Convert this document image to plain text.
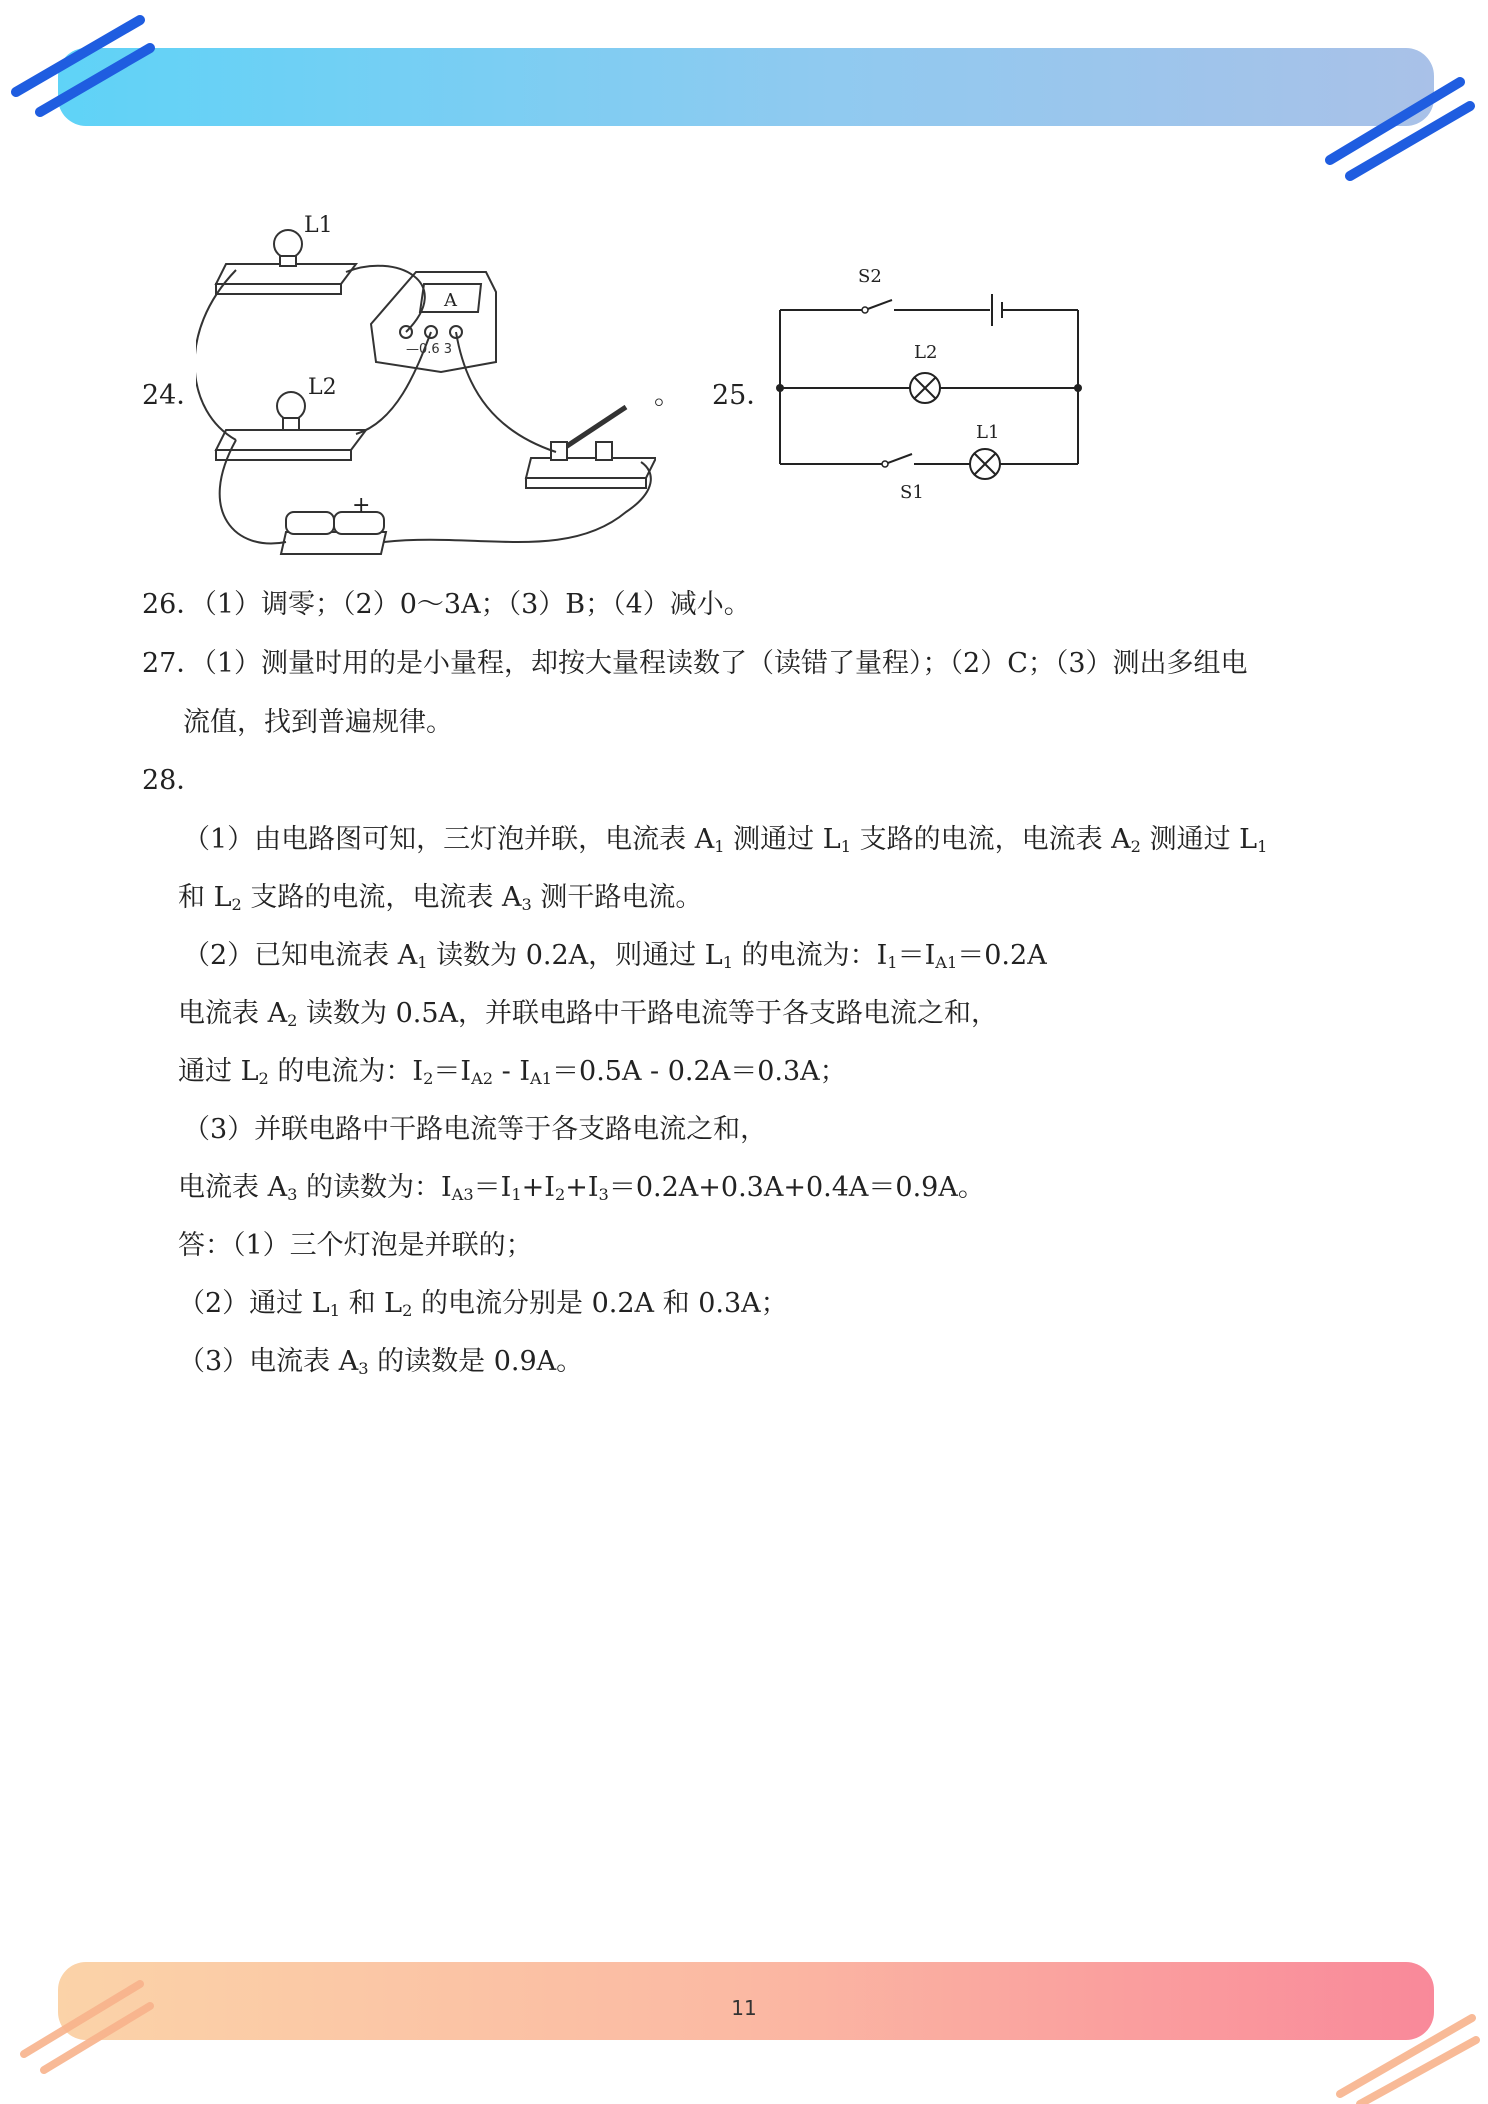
24．
—0.6 3
A
L1
L2
+
。 25．
S2
L2
L1
S1
26．（1）调零；（2）0～3A；（3）B；（4）减小。
27．（1）测量时用的是小量程，却按大量程读数了（读错了量程）；（2）C；（3）测出多组电
流值，找到普遍规律。
28．
（1）由电路图可知，三灯泡并联，电流表 $A_1$ 测通过 $L_1$ 支路的电流，电流表 $A_2$ 测通过 $L_1$
和 $L_2$ 支路的电流，电流表 $A_3$ 测干路电流。
（2）已知电流表 $A_1$ 读数为 0.2A，则通过 $L_1$ 的电流为：$I_1=I_{A1}=0.2A$
电流表 $A_2$ 读数为 0.5A，并联电路中干路电流等于各支路电流之和，
通过 $L_2$ 的电流为：$I_2=I_{A2} - I_{A1}=0.5A - 0.2A=0.3A$；
（3）并联电路中干路电流等于各支路电流之和，
电流表 $A_3$ 的读数为：$I_{A3}=I_1+I_2+I_3=0.2A+0.3A+0.4A=0.9A$。
答：（1）三个灯泡是并联的；
（2）通过 $L_1$ 和 $L_2$ 的电流分别是 0.2A 和 0.3A；
（3）电流表 $A_3$ 的读数是 0.9A。
11
